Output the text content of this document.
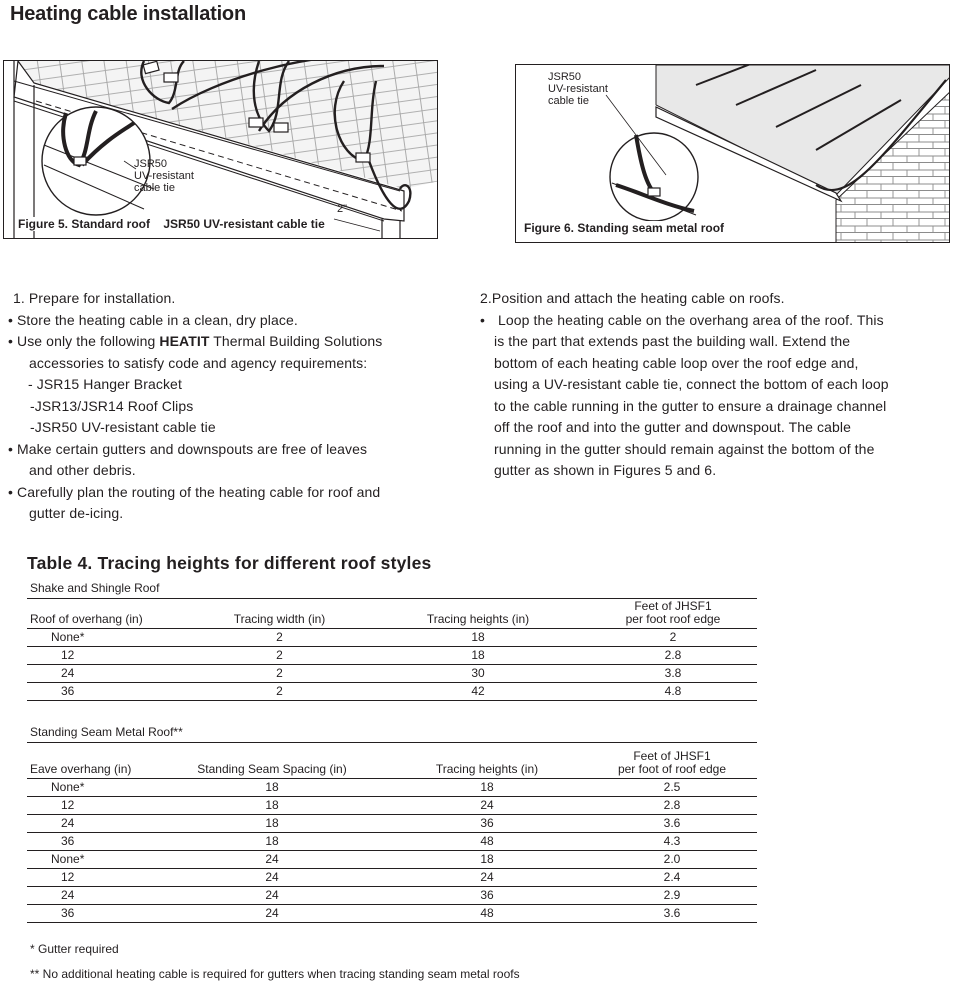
Heating cable installation
JSR50
UV-resistant
cable tie
2"
Figure 5. Standard roof JSR50 UV-resistant cable tie
JSR50
UV-resistant
cable tie
Figure 6. Standing seam metal roof
1. Prepare for installation.
• Store the heating cable in a clean, dry place.
• Use only the following HEATIT Thermal Building Solutions
accessories to satisfy code and agency requirements:
- JSR15 Hanger Bracket
-JSR13/JSR14 Roof Clips
-JSR50 UV-resistant cable tie
• Make certain gutters and downspouts are free of leaves
and other debris.
• Carefully plan the routing of the heating cable for roof and
gutter de-icing.
2.Position and attach the heating cable on roofs.
• Loop the heating cable on the overhang area of the roof. This
is the part that extends past the building wall. Extend the
bottom of each heating cable loop over the roof edge and,
using a UV-resistant cable tie, connect the bottom of each loop
to the cable running in the gutter to ensure a drainage channel
off the roof and into the gutter and downspout. The cable
running in the gutter should remain against the bottom of the
gutter as shown in Figures 5 and 6.
Table 4. Tracing heights for different roof styles
Shake and Shingle Roof
Roof of overhang (in)	Tracing width (in)	Tracing heights (in)	Feet of JHSF1
per foot roof edge

None*	2	18	2
12	2	18	2.8
24	2	30	3.8
36	2	42	4.8
Standing Seam Metal Roof**
Eave overhang (in)	Standing Seam Spacing (in)	Tracing heights (in)	Feet of JHSF1
per foot of roof edge

None*	18	18	2.5
12	18	24	2.8
24	18	36	3.6
36	18	48	4.3
None*	24	18	2.0
12	24	24	2.4
24	24	36	2.9
36	24	48	3.6
* Gutter required
** No additional heating cable is required for gutters when tracing standing seam metal roofs
